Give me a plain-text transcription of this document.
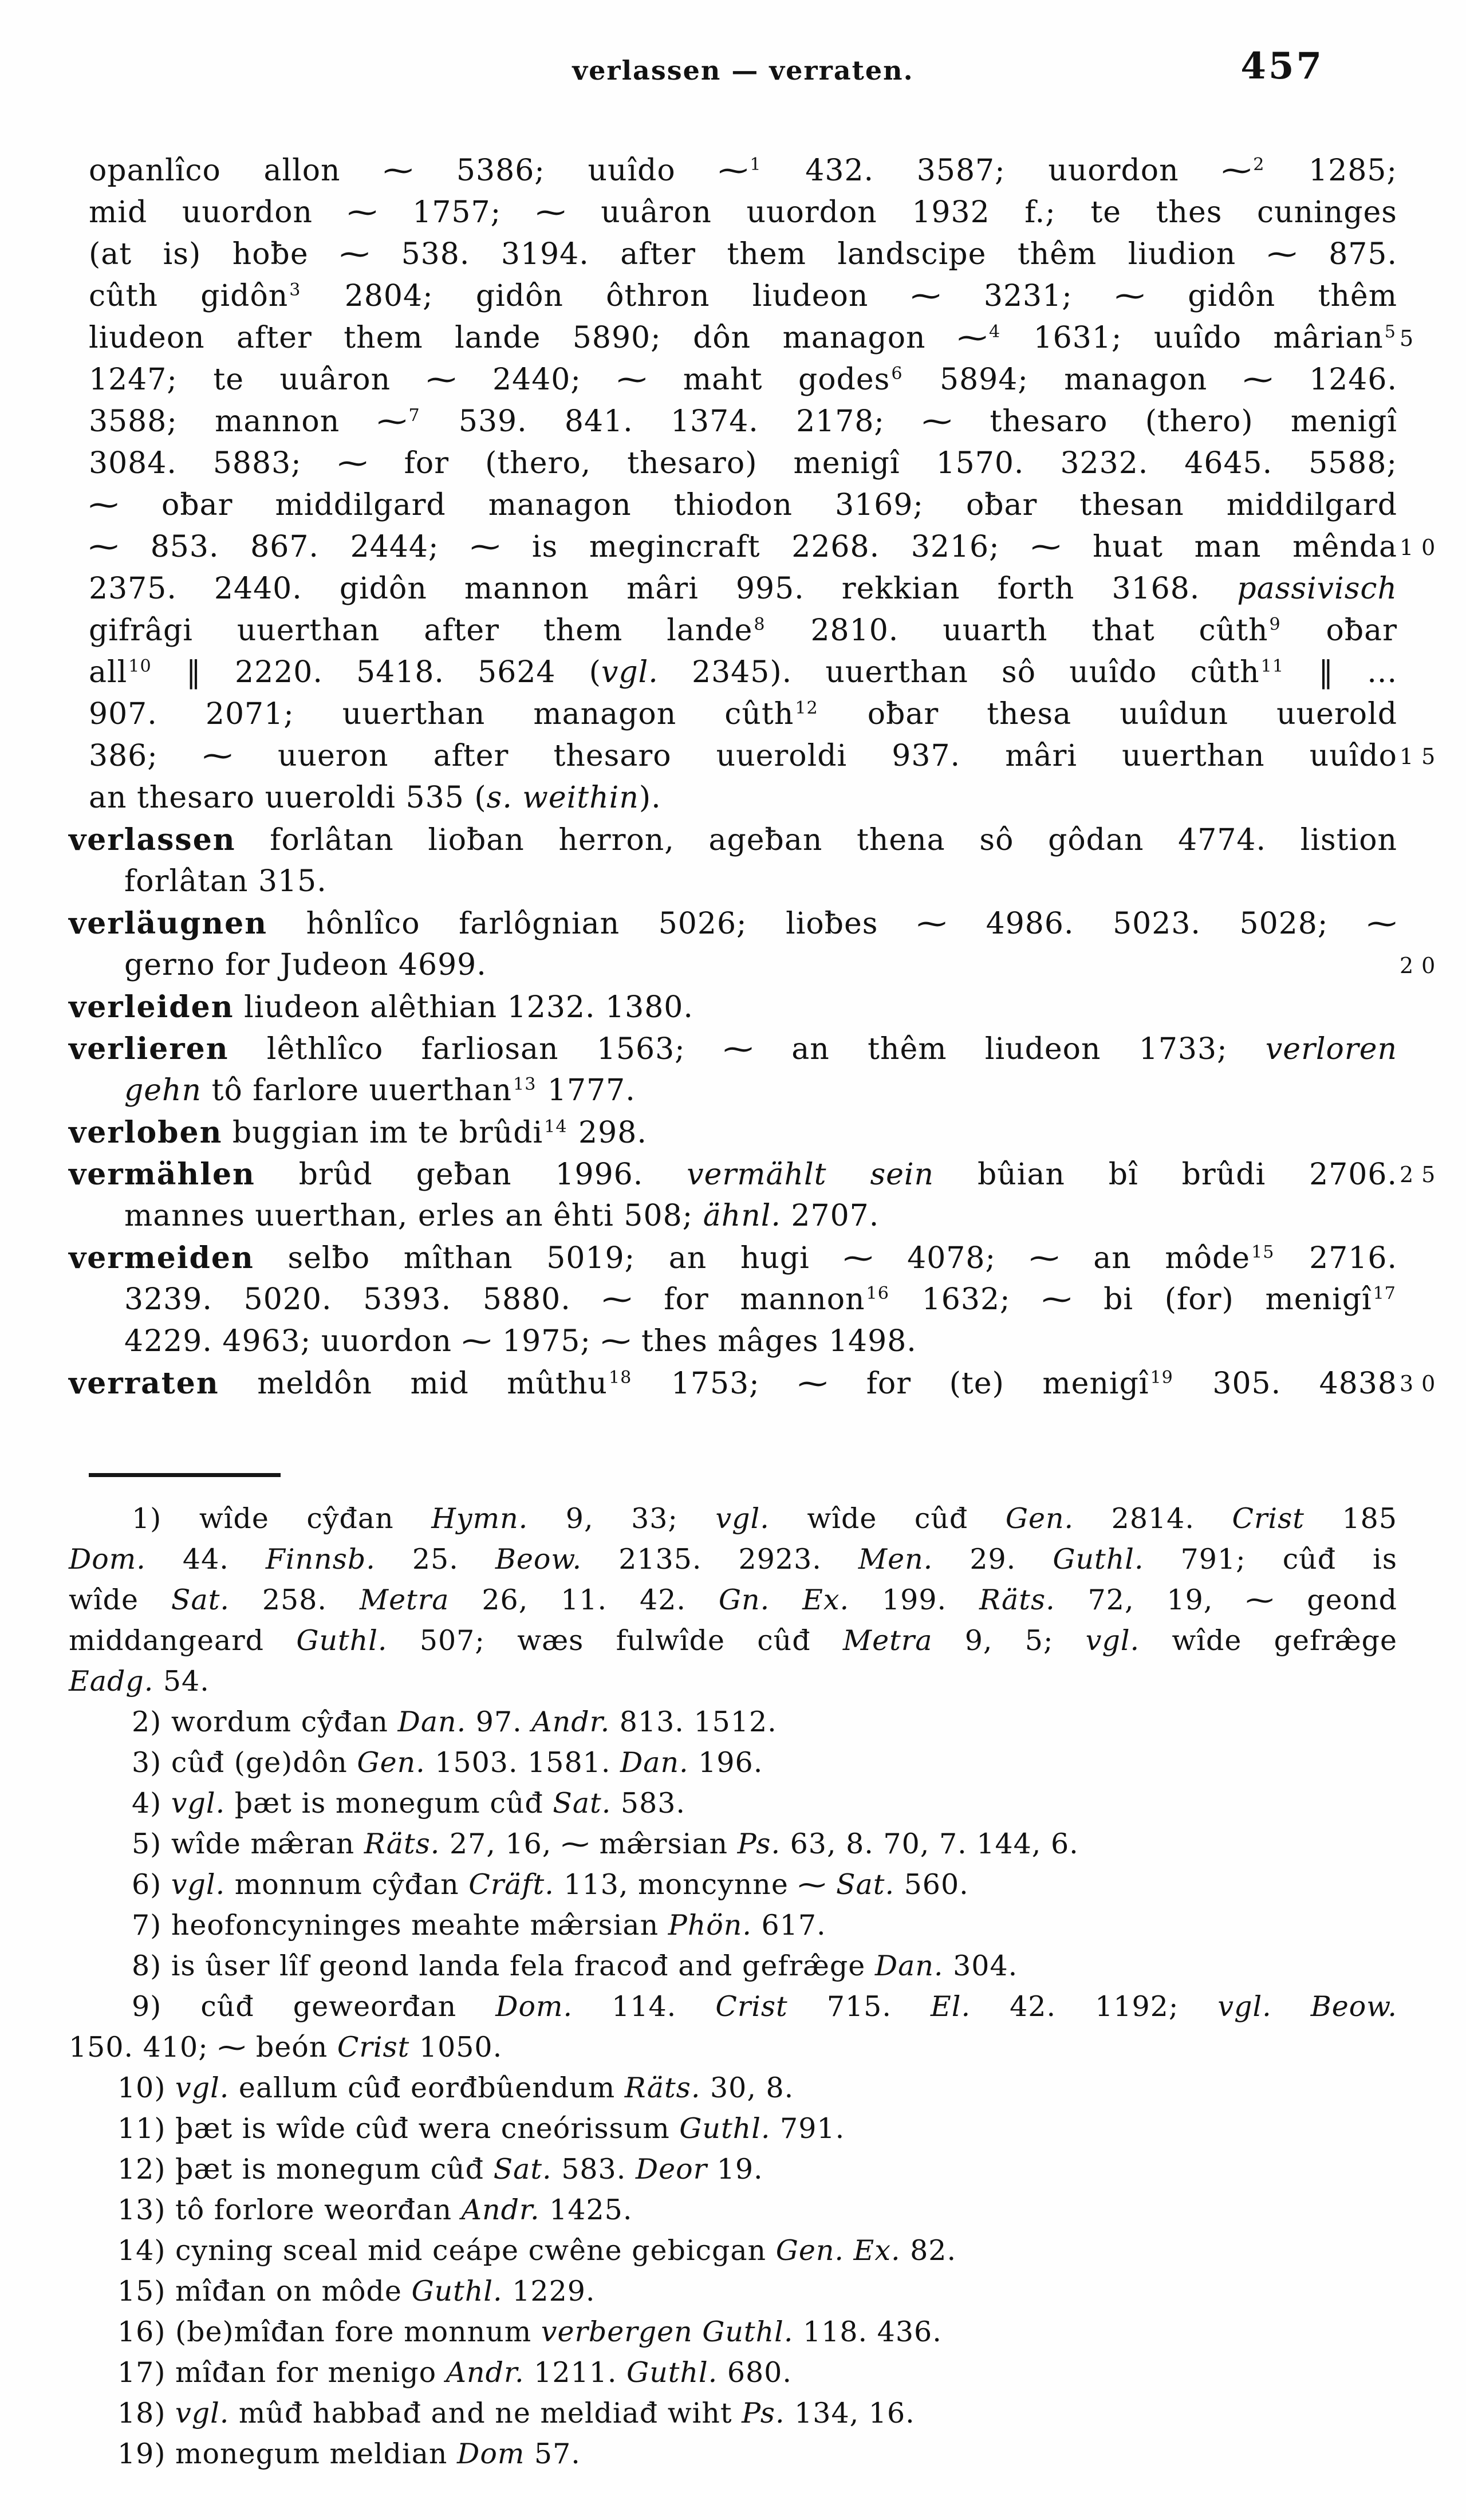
verlassen — verraten.	457
opanlîco allon ⁓ 5386; uuîdo ⁓$^1$ 432. 3587; uuordon ⁓$^2$ 1285;
mid uuordon ⁓ 1757; ⁓ uuâron uuordon 1932 f.; te thes cuninges
(at is) hoƀe ⁓ 538. 3194. after them landscipe thêm liudion ⁓ 875.
cûth gidôn$^3$ 2804; gidôn ôthron liudeon ⁓ 3231; ⁓ gidôn thêm
liudeon after them lande 5890; dôn managon ⁓$^4$ 1631; uuîdo mârian$^5$ 5
1247; te uuâron ⁓ 2440; ⁓ maht godes$^6$ 5894; managon ⁓ 1246.
3588; mannon ⁓$^7$ 539. 841. 1374. 2178; ⁓ thesaro (thero) menigî
3084. 5883; ⁓ for (thero, thesaro) menigî 1570. 3232. 4645. 5588;
⁓ oƀar middilgard managon thiodon 3169; oƀar thesan middilgard
⁓ 853. 867. 2444; ⁓ is megincraft 2268. 3216; ⁓ huat man mênda 10
2375. 2440. gidôn mannon mâri 995. rekkian forth 3168. passivisch
gifrâgi uuerthan after them lande$^8$ 2810. uuarth that cûth$^9$ oƀar
all$^{10}$ ‖ 2220. 5418. 5624 (vgl. 2345). uuerthan sô uuîdo cûth$^{11}$ ‖ ...
907. 2071; uuerthan managon cûth$^{12}$ oƀar thesa uuîdun uuerold
386; ⁓ uueron after thesaro uueroldi 937. mâri uuerthan uuîdo 15
an thesaro uueroldi 535 (s. weithin).
verlassen forlâtan lioƀan herron, ageƀan thena sô gôdan 4774. listion
forlâtan 315.
verläugnen hônlîco farlôgnian 5026; lioƀes ⁓ 4986. 5023. 5028; ⁓
gerno for Judeon 4699.	20
verleiden liudeon alêthian 1232. 1380.
verlieren lêthlîco farliosan 1563; ⁓ an thêm liudeon 1733; verloren
gehn tô farlore uuerthan$^{13}$ 1777.
verloben buggian im te brûdi$^{14}$ 298.
vermählen brûd geƀan 1996. vermählt sein bûian bî brûdi 2706. 25
mannes uuerthan, erles an êhti 508; ähnl. 2707.
vermeiden selƀo mîthan 5019; an hugi ⁓ 4078; ⁓ an môde$^{15}$ 2716.
3239. 5020. 5393. 5880. ⁓ for mannon$^{16}$ 1632; ⁓ bi (for) menigî$^{17}$
4229. 4963; uuordon ⁓ 1975; ⁓ thes mâges 1498.
verraten meldôn mid mûthu$^{18}$ 1753; ⁓ for (te) menigî$^{19}$ 305. 4838 30
1) wîde cŷđan Hymn. 9, 33; vgl. wîde cûđ Gen. 2814. Crist 185
Dom. 44. Finnsb. 25. Beow. 2135. 2923. Men. 29. Guthl. 791; cûđ is
wîde Sat. 258. Metra 26, 11. 42. Gn. Ex. 199. Räts. 72, 19, ⁓ geond
middangeard Guthl. 507; wæs fulwîde cûđ Metra 9, 5; vgl. wîde gefræ̂ge
Eadg. 54.
2) wordum cŷđan Dan. 97. Andr. 813. 1512.
3) cûđ (ge)dôn Gen. 1503. 1581. Dan. 196.
4) vgl. þæt is monegum cûđ Sat. 583.
5) wîde mæ̂ran Räts. 27, 16, ⁓ mæ̂rsian Ps. 63, 8. 70, 7. 144, 6.
6) vgl. monnum cŷđan Cräft. 113, moncynne ⁓ Sat. 560.
7) heofoncyninges meahte mæ̂rsian Phön. 617.
8) is ûser lîf geond landa fela fracođ and gefræ̂ge Dan. 304.
9) cûđ geweorđan Dom. 114. Crist 715. El. 42. 1192; vgl. Beow.
150. 410; ⁓ beón Crist 1050.
10) vgl. eallum cûđ eorđbûendum Räts. 30, 8.
11) þæt is wîde cûđ wera cneórissum Guthl. 791.
12) þæt is monegum cûđ Sat. 583. Deor 19.
13) tô forlore weorđan Andr. 1425.
14) cyning sceal mid ceápe cwêne gebicgan Gen. Ex. 82.
15) mîđan on môde Guthl. 1229.
16) (be)mîđan fore monnum verbergen Guthl. 118. 436.
17) mîđan for menigo Andr. 1211. Guthl. 680.
18) vgl. mûđ habbađ and ne meldiađ wiht Ps. 134, 16.
19) monegum meldian Dom 57.
